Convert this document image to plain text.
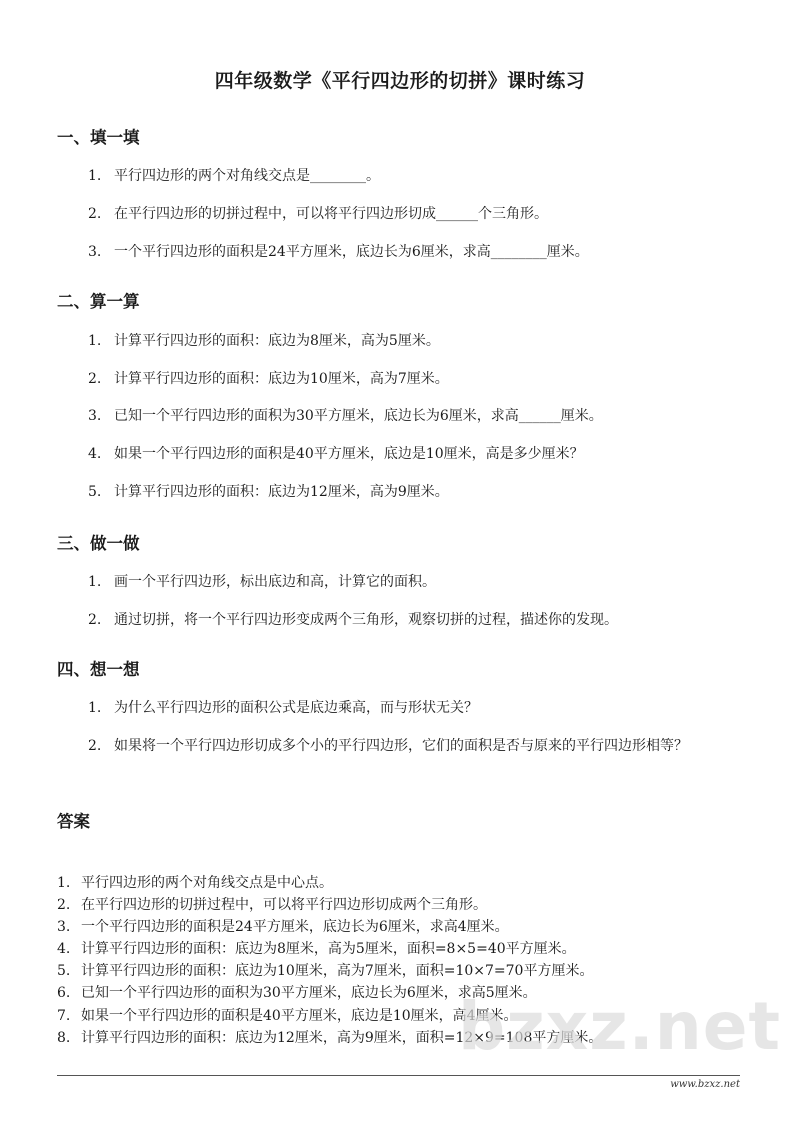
四年级数学《平行四边形的切拼》课时练习
一、填一填
1. 平行四边形的两个对角线交点是________。
2. 在平行四边形的切拼过程中，可以将平行四边形切成______个三角形。
3. 一个平行四边形的面积是24平方厘米，底边长为6厘米，求高________厘米。
二、算一算
1. 计算平行四边形的面积：底边为8厘米，高为5厘米。
2. 计算平行四边形的面积：底边为10厘米，高为7厘米。
3. 已知一个平行四边形的面积为30平方厘米，底边长为6厘米，求高______厘米。
4. 如果一个平行四边形的面积是40平方厘米，底边是10厘米，高是多少厘米？
5. 计算平行四边形的面积：底边为12厘米，高为9厘米。
三、做一做
1. 画一个平行四边形，标出底边和高，计算它的面积。
2. 通过切拼，将一个平行四边形变成两个三角形，观察切拼的过程，描述你的发现。
四、想一想
1. 为什么平行四边形的面积公式是底边乘高，而与形状无关？
2. 如果将一个平行四边形切成多个小的平行四边形，它们的面积是否与原来的平行四边形相等？
答案
1. 平行四边形的两个对角线交点是中心点。
2. 在平行四边形的切拼过程中，可以将平行四边形切成两个三角形。
3. 一个平行四边形的面积是24平方厘米，底边长为6厘米，求高4厘米。
4. 计算平行四边形的面积：底边为8厘米，高为5厘米，面积=8×5=40平方厘米。
5. 计算平行四边形的面积：底边为10厘米，高为7厘米，面积=10×7=70平方厘米。
6. 已知一个平行四边形的面积为30平方厘米，底边长为6厘米，求高5厘米。
7. 如果一个平行四边形的面积是40平方厘米，底边是10厘米，高4厘米。
8. 计算平行四边形的面积：底边为12厘米，高为9厘米，面积=12×9=108平方厘米。
bzxz.net
www.bzxz.net
